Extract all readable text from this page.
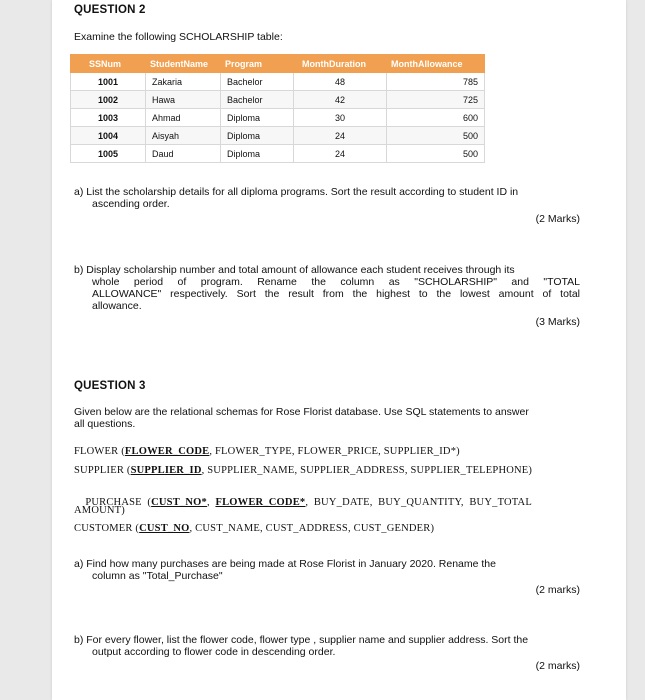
QUESTION 2
Examine the following SCHOLARSHIP table:
SSNum	StudentName	Program	MonthDuration	MonthAllowance
1001	Zakaria	Bachelor	48	785
1002	Hawa	Bachelor	42	725
1003	Ahmad	Diploma	30	600
1004	Aisyah	Diploma	24	500
1005	Daud	Diploma	24	500
a) List the scholarship details for all diploma programs. Sort the result according to student ID in
ascending order.
(2 Marks)
b) Display scholarship number and total amount of allowance each student receives through its
whole period of program. Rename the column as "SCHOLARSHIP" and "TOTAL
ALLOWANCE" respectively. Sort the result from the highest to the lowest amount of total
allowance.
(3 Marks)
QUESTION 3
Given below are the relational schemas for Rose Florist database. Use SQL statements to answer
all questions.
FLOWER (FLOWER_CODE, FLOWER_TYPE, FLOWER_PRICE, SUPPLIER_ID*)
SUPPLIER (SUPPLIER_ID, SUPPLIER_NAME, SUPPLIER_ADDRESS, SUPPLIER_TELEPHONE)

PURCHASE  (CUST_NO*,  FLOWER_CODE*,  BUY_DATE,  BUY_QUANTITY,  BUY_TOTAL

AMOUNT)
CUSTOMER (CUST_NO, CUST_NAME, CUST_ADDRESS, CUST_GENDER)
a) Find how many purchases are being made at Rose Florist in January 2020. Rename the
column as "Total_Purchase"
(2 marks)
b) For every flower, list the flower code, flower type , supplier name and supplier address. Sort the
output according to flower code in descending order.
(2 marks)
